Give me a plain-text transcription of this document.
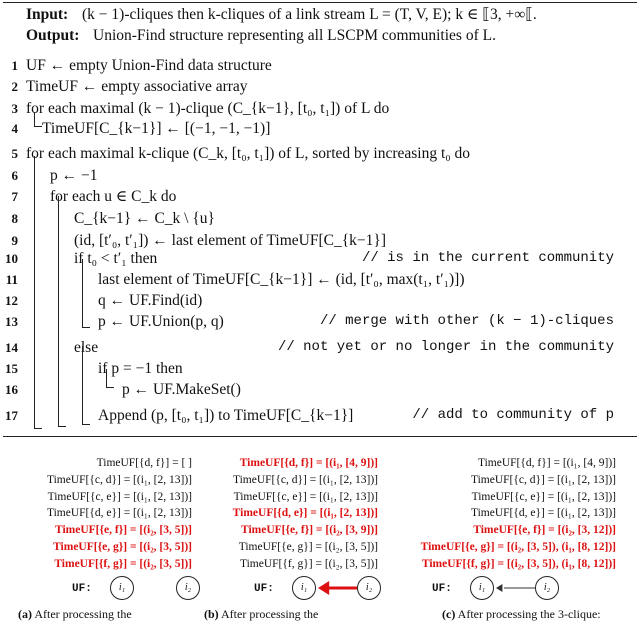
Input: (k − 1)-cliques then k-cliques of a link stream L = (T, V, E); k ∈ ⟦3, +∞⟦.
Output: Union-Find structure representing all LSCPM communities of L.
1 UF ← empty Union-Find data structure
2 TimeUF ← empty associative array
3 for each maximal (k − 1)-clique (C_{k−1}, [t₀, t₁]) of L do
4 TimeUF[C_{k−1}] ← [(−1, −1, −1)]
5 for each maximal k-clique (C_k, [t₀, t₁]) of L, sorted by increasing t₀ do
6 p ← −1
7 for each u ∈ C_k do
8	C_{k−1} ← C_k \ {u}
9	(id, [t′₀, t′₁]) ← last element of TimeUF[C_{k−1}]
10	if t₀ < t′₁ then	// is in the current community
11	last element of TimeUF[C_{k−1}] ← (id, [t′₀, max(t₁, t′₁)])
12	q ← UF.Find(id)
13	p ← UF.Union(p, q)	// merge with other (k − 1)-cliques
14	else	// not yet or no longer in the community
15	if p = −1 then
16	p ← UF.MakeSet()
17	Append (p, [t₀, t₁]) to TimeUF[C_{k−1}]	// add to community of p
TimeUF[{d, f}] = [ ]
TimeUF[{c, d}] = [(i₁, [2, 13])]
TimeUF[{c, e}] = [(i₁, [2, 13])]
TimeUF[{d, e}] = [(i₁, [2, 13])]
TimeUF[{e, f}] = [(i₂, [3, 5])]
TimeUF[{e, g}] = [(i₂, [3, 5])]
TimeUF[{f, g}] = [(i₂, [3, 5])]
UF:	i₁	i₂
(a) After processing the
TimeUF[{d, f}] = [(i₁, [4, 9])]
TimeUF[{c, d}] = [(i₁, [2, 13])]
TimeUF[{c, e}] = [(i₁, [2, 13])]
TimeUF[{d, e}] = [(i₁, [2, 13])]
TimeUF[{e, f}] = [(i₂, [3, 9])]
TimeUF[{e, g}] = [(i₂, [3, 5])]
TimeUF[{f, g}] = [(i₂, [3, 5])]
UF:	i₁	i₂
(b) After processing the
TimeUF[{d, f}] = [(i₁, [4, 9])]
TimeUF[{c, d}] = [(i₁, [2, 13])]
TimeUF[{c, e}] = [(i₁, [2, 13])]
TimeUF[{d, e}] = [(i₁, [2, 13])]
TimeUF[{e, f}] = [(i₂, [3, 12])]
TimeUF[{e, g}] = [(i₂, [3, 5]), (i₁, [8, 12])]
TimeUF[{f, g}] = [(i₂, [3, 5]), (i₁, [8, 12])]
UF:	i₁	i₂
(c) After processing the 3-clique:
